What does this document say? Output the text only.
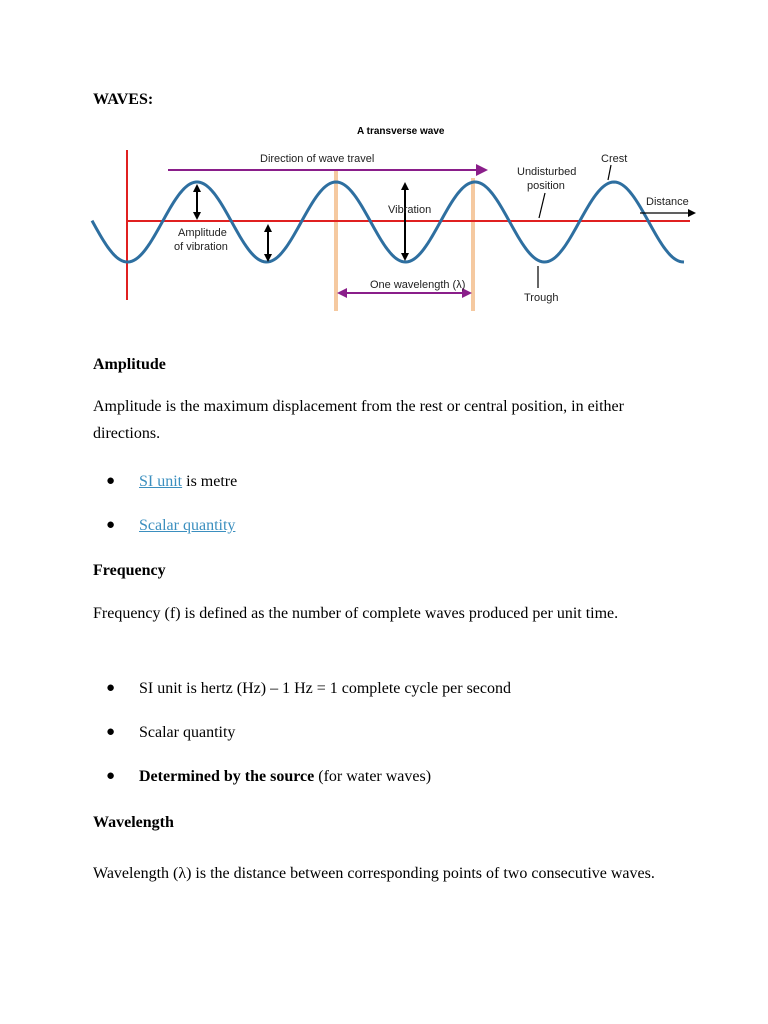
WAVES:
A transverse wave
Direction of wave travel
Undisturbed
position
Crest
Distance
Vibration
Amplitude
of vibration
One wavelength (λ)
Trough
Amplitude
Amplitude is the maximum displacement from the rest or central position, in either directions.
● SI unit is metre
● Scalar quantity
Frequency
Frequency (f) is defined as the number of complete waves produced per unit time.
● SI unit is hertz (Hz) – 1 Hz = 1 complete cycle per second
● Scalar quantity
● Determined by the source (for water waves)
Wavelength
Wavelength (λ) is the distance between corresponding points of two consecutive waves.
